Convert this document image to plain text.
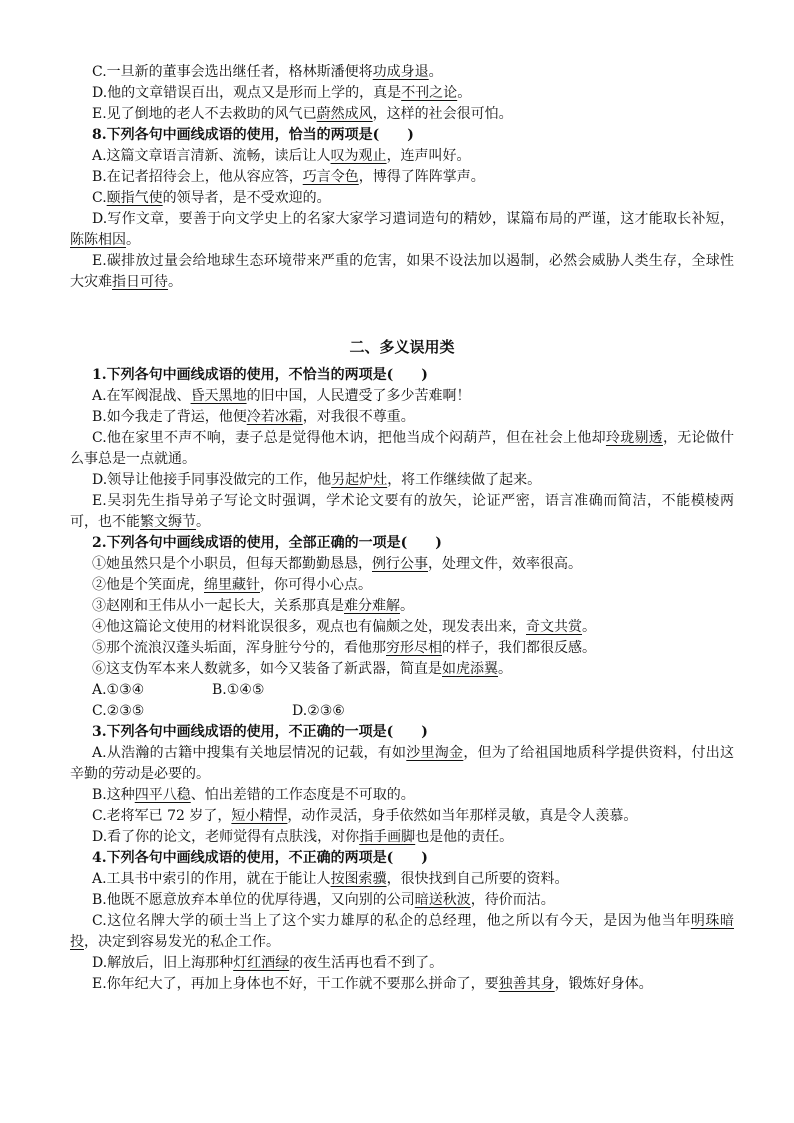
C.一旦新的董事会选出继任者，格林斯潘便将功成身退。

D.他的文章错误百出，观点又是形而上学的，真是不刊之论。

E.见了倒地的老人不去救助的风气已蔚然成风，这样的社会很可怕。

8.下列各句中画线成语的使用，恰当的两项是(　　)

A.这篇文章语言清新、流畅，读后让人叹为观止，连声叫好。

B.在记者招待会上，他从容应答，巧言令色，博得了阵阵掌声。

C.颐指气使的领导者，是不受欢迎的。

D.写作文章，要善于向文学史上的名家大家学习遣词造句的精妙，谋篇布局的严谨，这才能取长补短，陈陈相因。

E.碳排放过量会给地球生态环境带来严重的危害，如果不设法加以遏制，必然会威胁人类生存，全球性大灾难指日可待。

二、多义误用类

1.下列各句中画线成语的使用，不恰当的两项是(　　)

A.在军阀混战、昏天黑地的旧中国，人民遭受了多少苦难啊！

B.如今我走了背运，他便冷若冰霜，对我很不尊重。

C.他在家里不声不响，妻子总是觉得他木讷，把他当成个闷葫芦，但在社会上他却玲珑剔透，无论做什么事总是一点就通。

D.领导让他接手同事没做完的工作，他另起炉灶，将工作继续做了起来。

E.吴羽先生指导弟子写论文时强调，学术论文要有的放矢，论证严密，语言准确而简洁，不能模棱两可，也不能繁文缛节。

2.下列各句中画线成语的使用，全部正确的一项是(　　)

①她虽然只是个小职员，但每天都勤勤恳恳，例行公事，处理文件，效率很高。

②他是个笑面虎，绵里藏针，你可得小心点。

③赵刚和王伟从小一起长大，关系那真是难分难解。

④他这篇论文使用的材料讹误很多，观点也有偏颇之处，现发表出来，奇文共赏。

⑤那个流浪汉蓬头垢面，浑身脏兮兮的，看他那穷形尽相的样子，我们都很反感。

⑥这支伪军本来人数就多，如今又装备了新武器，简直是如虎添翼。

A.①③④	B.①④⑤
C.②③⑤	D.②③⑥

3.下列各句中画线成语的使用，不正确的一项是(　　)

A.从浩瀚的古籍中搜集有关地层情况的记载，有如沙里淘金，但为了给祖国地质科学提供资料，付出这辛勤的劳动是必要的。

B.这种四平八稳、怕出差错的工作态度是不可取的。

C.老将军已 72 岁了，短小精悍，动作灵活，身手依然如当年那样灵敏，真是令人羡慕。

D.看了你的论文，老师觉得有点肤浅，对你指手画脚也是他的责任。

4.下列各句中画线成语的使用，不正确的两项是(　　)

A.工具书中索引的作用，就在于能让人按图索骥，很快找到自己所要的资料。

B.他既不愿意放弃本单位的优厚待遇，又向别的公司暗送秋波，待价而沽。

C.这位名牌大学的硕士当上了这个实力雄厚的私企的总经理，他之所以有今天，是因为他当年明珠暗投，决定到容易发光的私企工作。

D.解放后，旧上海那种灯红酒绿的夜生活再也看不到了。

E.你年纪大了，再加上身体也不好，干工作就不要那么拼命了，要独善其身，锻炼好身体。
